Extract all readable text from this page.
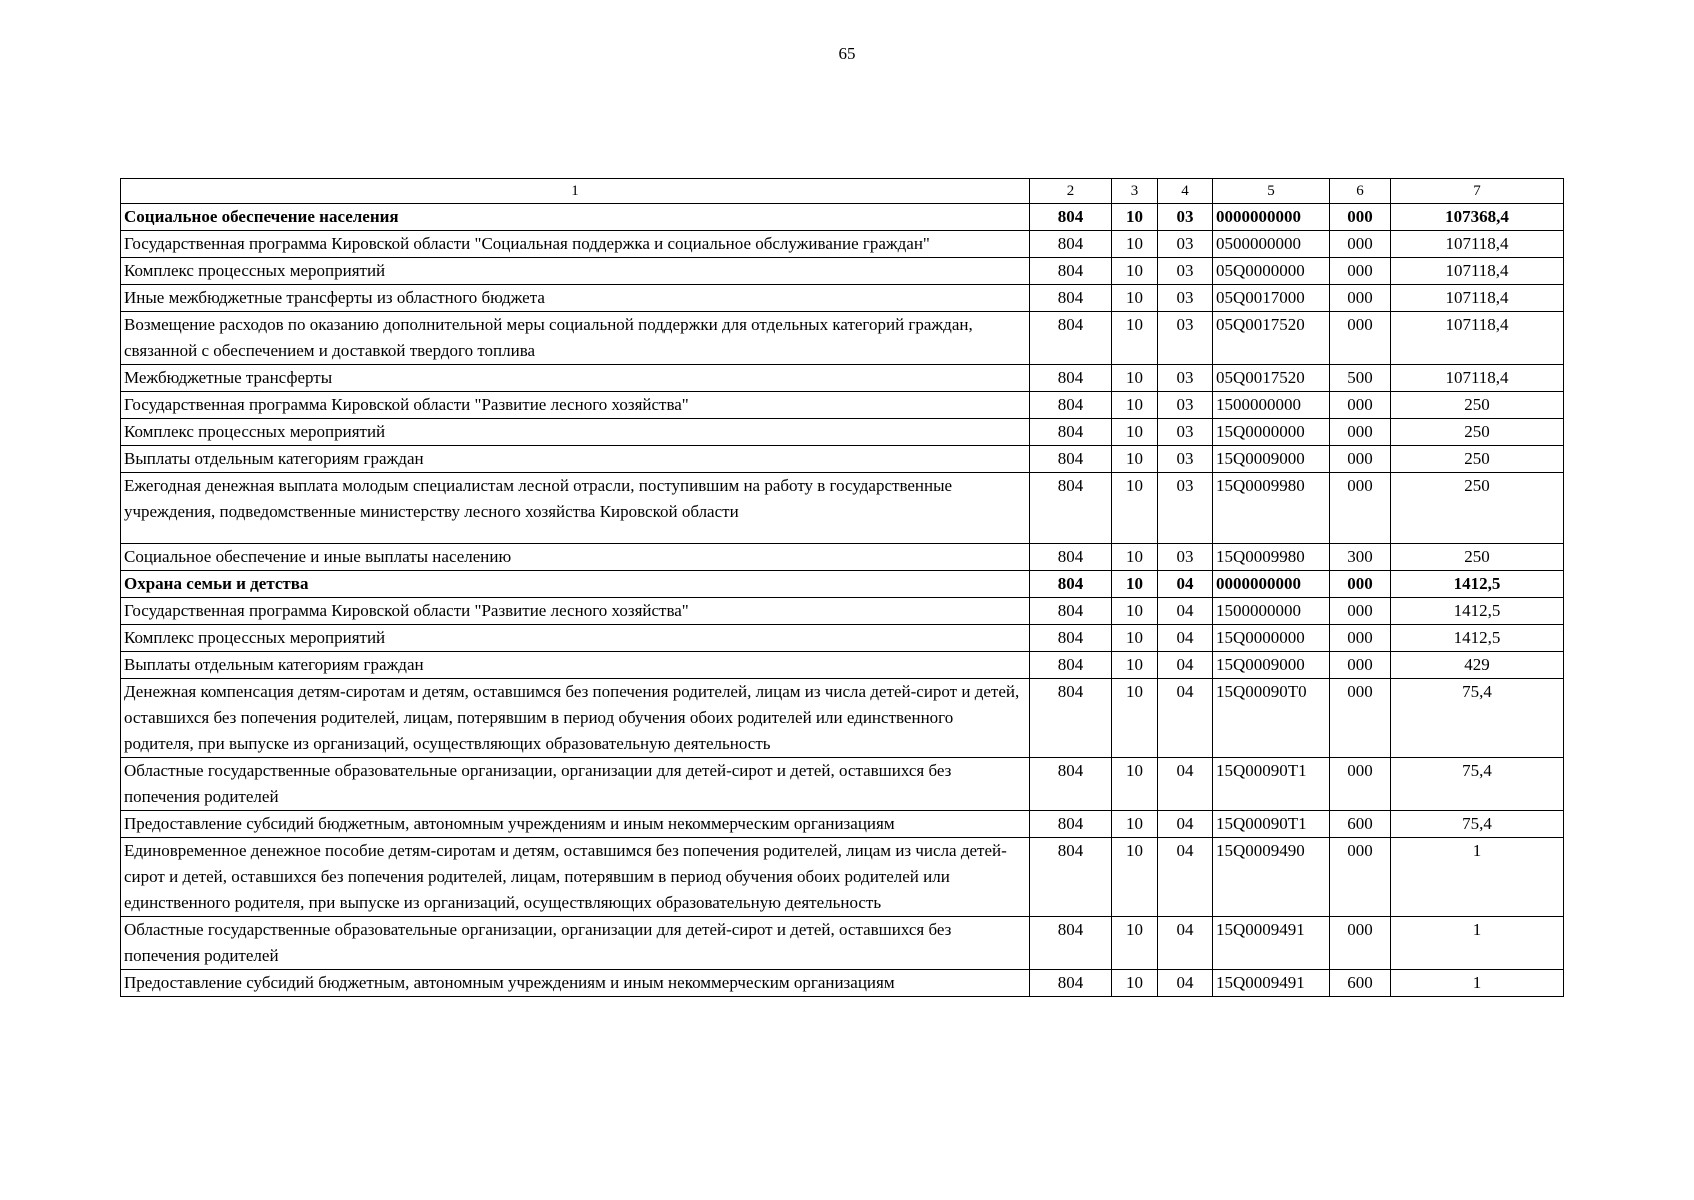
65
1	2	3	4	5	6	7
Социальное обеспечение населения	804	10	03	0000000000	000	107368,4
Государственная программа Кировской области "Социальная поддержка и социальное обслуживание граждан"	804	10	03	0500000000	000	107118,4
Комплекс процессных мероприятий	804	10	03	05Q0000000	000	107118,4
Иные межбюджетные трансферты из областного бюджета	804	10	03	05Q0017000	000	107118,4
Возмещение расходов по оказанию дополнительной меры социальной поддержки для отдельных категорий граждан, связанной с обеспечением и доставкой твердого топлива	804	10	03	05Q0017520	000	107118,4
Межбюджетные трансферты	804	10	03	05Q0017520	500	107118,4
Государственная программа Кировской области "Развитие лесного хозяйства"	804	10	03	1500000000	000	250
Комплекс процессных мероприятий	804	10	03	15Q0000000	000	250
Выплаты отдельным категориям граждан	804	10	03	15Q0009000	000	250
Ежегодная денежная выплата молодым специалистам лесной отрасли, поступившим на работу в государственные учреждения, подведомственные министерству лесного хозяйства Кировской области	804	10	03	15Q0009980	000	250
Социальное обеспечение и иные выплаты населению	804	10	03	15Q0009980	300	250
Охрана семьи и детства	804	10	04	0000000000	000	1412,5
Государственная программа Кировской области "Развитие лесного хозяйства"	804	10	04	1500000000	000	1412,5
Комплекс процессных мероприятий	804	10	04	15Q0000000	000	1412,5
Выплаты отдельным категориям граждан	804	10	04	15Q0009000	000	429
Денежная компенсация детям-сиротам и детям, оставшимся без попечения родителей, лицам из числа детей-сирот и детей, оставшихся без попечения родителей, лицам, потерявшим в период обучения обоих родителей или единственного родителя, при выпуске из организаций, осуществляющих образовательную деятельность	804	10	04	15Q00090T0	000	75,4
Областные государственные образовательные организации, организации для детей-сирот и детей, оставшихся без попечения родителей	804	10	04	15Q00090T1	000	75,4
Предоставление субсидий бюджетным, автономным учреждениям и иным некоммерческим организациям	804	10	04	15Q00090T1	600	75,4
Единовременное денежное пособие детям-сиротам и детям, оставшимся без попечения родителей, лицам из числа детей-сирот и детей, оставшихся без попечения родителей, лицам, потерявшим в период обучения обоих родителей или единственного родителя, при выпуске из организаций, осуществляющих образовательную деятельность	804	10	04	15Q0009490	000	1
Областные государственные образовательные организации, организации для детей-сирот и детей, оставшихся без попечения родителей	804	10	04	15Q0009491	000	1
Предоставление субсидий бюджетным, автономным учреждениям и иным некоммерческим организациям	804	10	04	15Q0009491	600	1
